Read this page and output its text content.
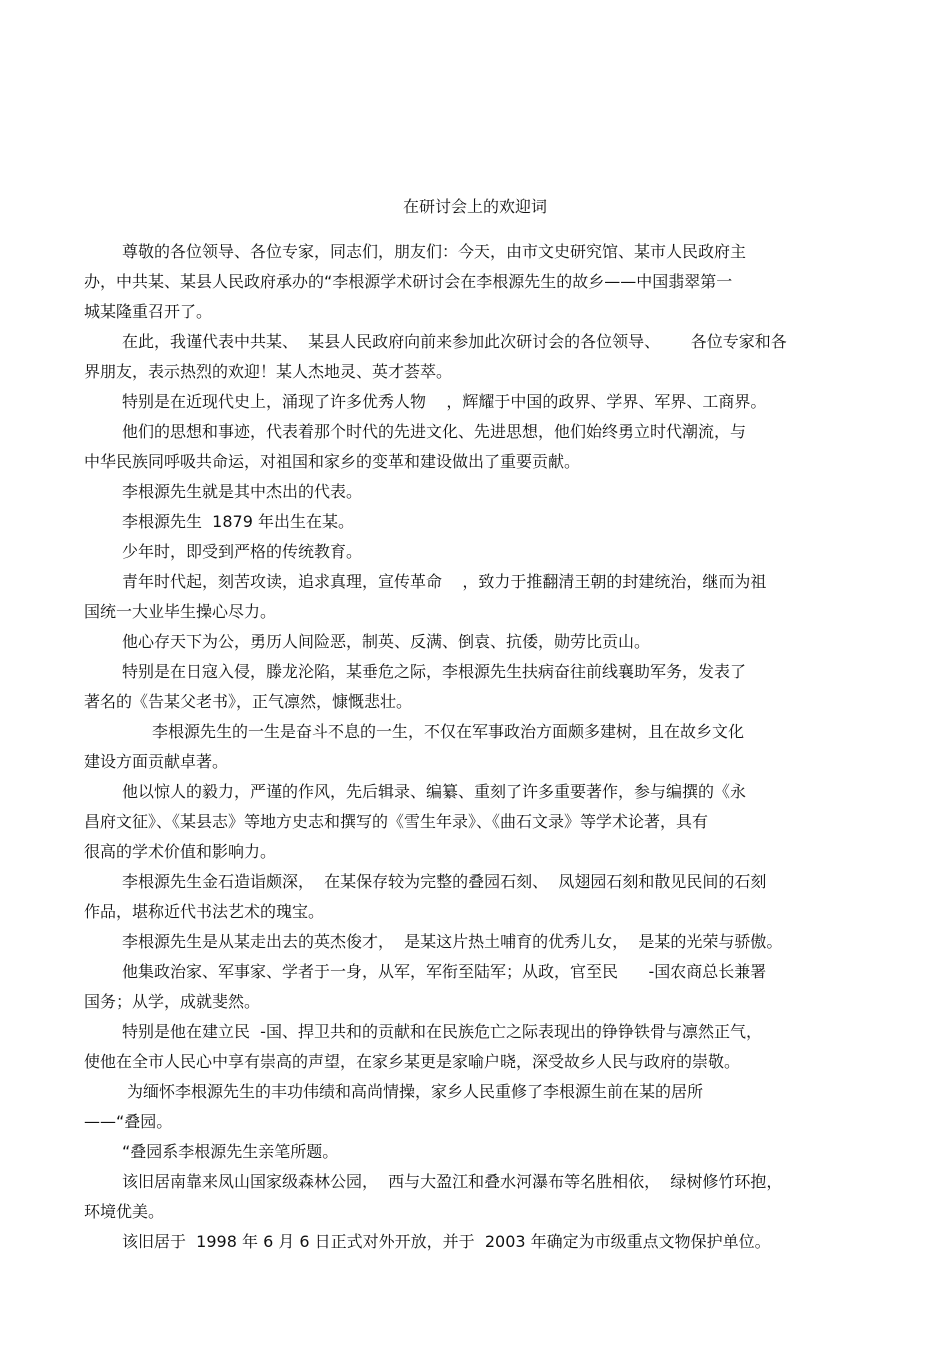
在研讨会上的欢迎词
尊敬的各位领导、各位专家，同志们，朋友们：今天，由市文史研究馆、某市人民政府主
办，中共某、某县人民政府承办的“李根源学术研讨会在李根源先生的故乡——中国翡翠第一
城某隆重召开了。
在此，我谨代表中共某、  某县人民政府向前来参加此次研讨会的各位领导、      各位专家和各
界朋友，表示热烈的欢迎！某人杰地灵、英才荟萃。
特别是在近现代史上，涌现了许多优秀人物    ，辉耀于中国的政界、学界、军界、工商界。
他们的思想和事迹，代表着那个时代的先进文化、先进思想，他们始终勇立时代潮流，与
中华民族同呼吸共命运，对祖国和家乡的变革和建设做出了重要贡献。
李根源先生就是其中杰出的代表。
李根源先生  1879 年出生在某。
少年时，即受到严格的传统教育。
青年时代起，刻苦攻读，追求真理，宣传革命    ，致力于推翻清王朝的封建统治，继而为祖
国统一大业毕生操心尽力。
他心存天下为公，勇历人间险恶，制英、反满、倒袁、抗倭，勋劳比贡山。
特别是在日寇入侵，滕龙沦陷，某垂危之际，李根源先生扶病奋往前线襄助军务，发表了
著名的《告某父老书》，正气凛然，慷慨悲壮。
李根源先生的一生是奋斗不息的一生，不仅在军事政治方面颇多建树，且在故乡文化
建设方面贡献卓著。
他以惊人的毅力，严谨的作风，先后辑录、编纂、重刻了许多重要著作，参与编撰的《永
昌府文征》、《某县志》等地方史志和撰写的《雪生年录》、《曲石文录》等学术论著，具有
很高的学术价值和影响力。
李根源先生金石造诣颇深，  在某保存较为完整的叠园石刻、  凤翅园石刻和散见民间的石刻
作品，堪称近代书法艺术的瑰宝。
李根源先生是从某走出去的英杰俊才，  是某这片热土哺育的优秀儿女，  是某的光荣与骄傲。
他集政治家、军事家、学者于一身，从军，军衔至陆军；从政，官至民      -国农商总长兼署
国务；从学，成就斐然。
特别是他在建立民  -国、捍卫共和的贡献和在民族危亡之际表现出的铮铮铁骨与凛然正气，
使他在全市人民心中享有崇高的声望，在家乡某更是家喻户晓，深受故乡人民与政府的崇敬。
为缅怀李根源先生的丰功伟绩和高尚情操，家乡人民重修了李根源生前在某的居所
——“叠园。
“叠园系李根源先生亲笔所题。
该旧居南靠来凤山国家级森林公园，  西与大盈江和叠水河瀑布等名胜相依，  绿树修竹环抱，
环境优美。
该旧居于  1998 年 6 月 6 日正式对外开放，并于  2003 年确定为市级重点文物保护单位。
